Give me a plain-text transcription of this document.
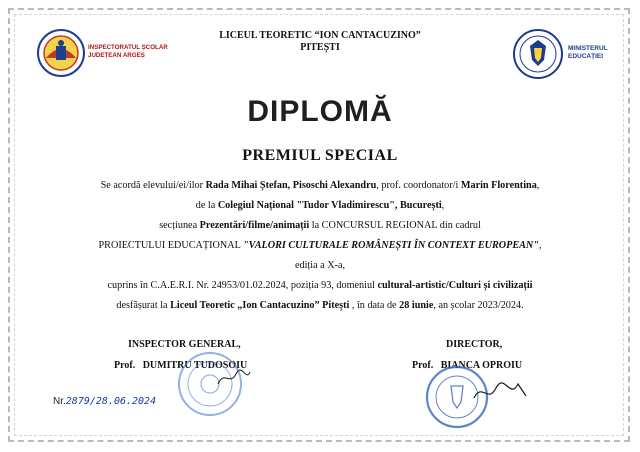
INSPECTORATUL ȘCOLAR
JUDEȚEAN ARGEȘ
LICEUL TEORETIC “ION CANTACUZINO”
PITEȘTI	MINISTERUL
EDUCAȚIEI
DIPLOMĂ
PREMIUL SPECIAL
Se acordă elevului/ei/ilor Rada Mihai Ștefan, Pisoschi Alexandru, prof. coordonator/i Marin Florentina,
de la Colegiul Național "Tudor Vladimirescu", București,
secțiunea Prezentări/filme/animații la CONCURSUL REGIONAL din cadrul
PROIECTULUI EDUCAȚIONAL "VALORI CULTURALE ROMÂNEȘTI ÎN CONTEXT EUROPEAN",
ediția a X-a,
cuprins în C.A.E.R.I. Nr. 24953/01.02.2024, poziția 93, domeniul cultural-artistic/Culturi și civilizații
desfășurat la Liceul Teoretic „Ion Cantacuzino” Pitești , în data de 28 iunie, an școlar 2023/2024.
INSPECTOR GENERAL,
Prof.   DUMITRU TUDOSOIU
DIRECTOR,
Prof.   BIANCA OPROIU
Nr.2879/28.06.2024
